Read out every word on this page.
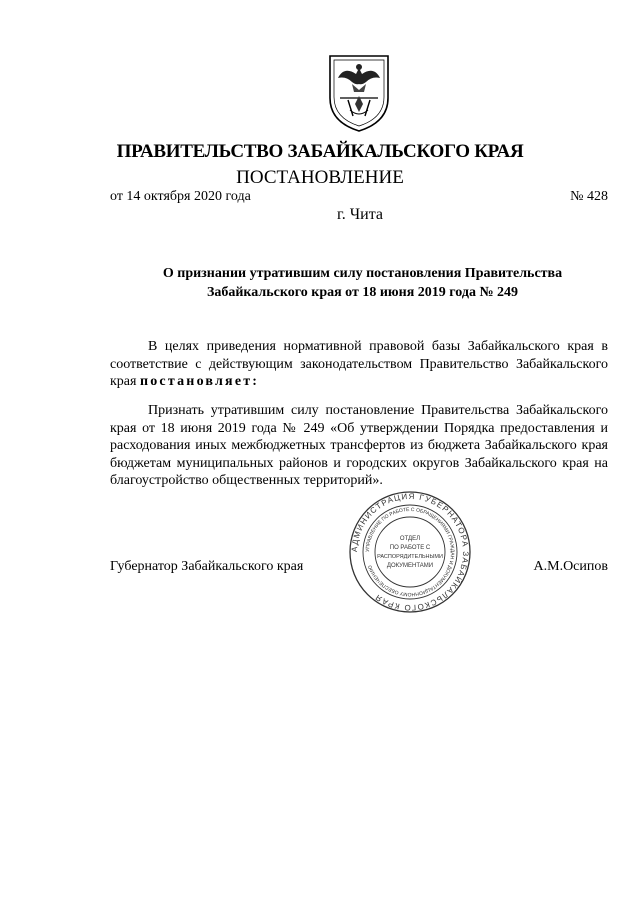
ПРАВИТЕЛЬСТВО ЗАБАЙКАЛЬСКОГО КРАЯ
ПОСТАНОВЛЕНИЕ
от 14 октября 2020 года	№ 428
г. Чита
О признании утратившим силу постановления Правительства
Забайкальского края от 18 июня 2019 года № 249
В целях приведения нормативной правовой базы Забайкальского края в соответствие с действующим законодательством Правительство Забайкальского края постановляет:
Признать утратившим силу постановление Правительства Забайкальского края от 18 июня 2019 года № 249 «Об утверждении Порядка предоставления и расходования иных межбюджетных трансфертов из бюджета Забайкальского края бюджетам муниципальных районов и городских округов Забайкальского края на благоустройство общественных территорий».
Губернатор Забайкальского края	А.М.Осипов
АДМИНИСТРАЦИЯ ГУБЕРНАТОРА ЗАБАЙКАЛЬСКОГО КРАЯ
УПРАВЛЕНИЕ ПО РАБОТЕ С ОБРАЩЕНИЯМИ ГРАЖДАН И ДОКУМЕНТАЦИОННОМУ ОБЕСПЕЧЕНИЮ
ОТДЕЛ
ПО РАБОТЕ С
РАСПОРЯДИТЕЛЬНЫМИ
ДОКУМЕНТАМИ
